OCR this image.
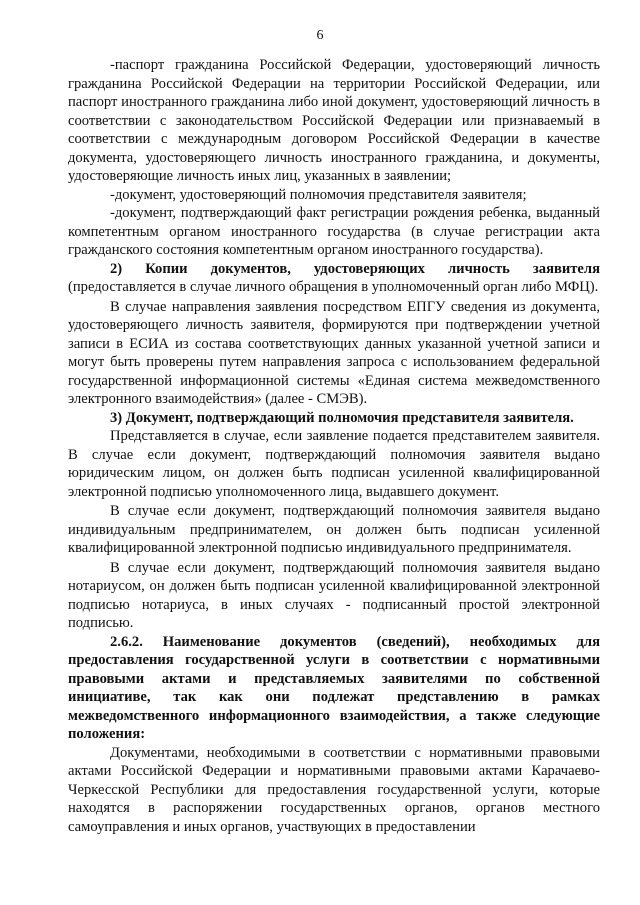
6

-паспорт гражданина Российской Федерации, удостоверяющий личность гражданина Российской Федерации на территории Российской Федерации, или паспорт иностранного гражданина либо иной документ, удостоверяющий личность в соответствии с законодательством Российской Федерации или признаваемый в соответствии с международным договором Российской Федерации в качестве документа, удостоверяющего личность иностранного гражданина, и документы, удостоверяющие личность иных лиц, указанных в заявлении;

-документ, удостоверяющий полномочия представителя заявителя;

-документ, подтверждающий факт регистрации рождения ребенка, выданный компетентным органом иностранного государства (в случае регистрации акта гражданского состояния компетентным органом иностранного государства).

2) Копии документов, удостоверяющих личность заявителя (предоставляется в случае личного обращения в уполномоченный орган либо МФЦ).

В случае направления заявления посредством ЕПГУ сведения из документа, удостоверяющего личность заявителя, формируются при подтверждении учетной записи в ЕСИА из состава соответствующих данных указанной учетной записи и могут быть проверены путем направления запроса с использованием федеральной государственной информационной системы «Единая система межведомственного электронного взаимодействия» (далее - СМЭВ).

3) Документ, подтверждающий полномочия представителя заявителя.

Представляется в случае, если заявление подается представителем заявителя. В случае если документ, подтверждающий полномочия заявителя выдано юридическим лицом, он должен быть подписан усиленной квалифицированной электронной подписью уполномоченного лица, выдавшего документ.

В случае если документ, подтверждающий полномочия заявителя выдано индивидуальным предпринимателем, он должен быть подписан усиленной квалифицированной электронной подписью индивидуального предпринимателя.

В случае если документ, подтверждающий полномочия заявителя выдано нотариусом, он должен быть подписан усиленной квалифицированной электронной подписью нотариуса, в иных случаях - подписанный простой электронной подписью.

2.6.2. Наименование документов (сведений), необходимых для предоставления государственной услуги в соответствии с нормативными правовыми актами и представляемых заявителями по собственной инициативе, так как они подлежат представлению в рамках межведомственного информационного взаимодействия, а также следующие положения:

Документами, необходимыми в соответствии с нормативными правовыми актами Российской Федерации и нормативными правовыми актами Карачаево-Черкесской Республики для предоставления государственной услуги, которые находятся в распоряжении государственных органов, органов местного самоуправления и иных органов, участвующих в предоставлении
